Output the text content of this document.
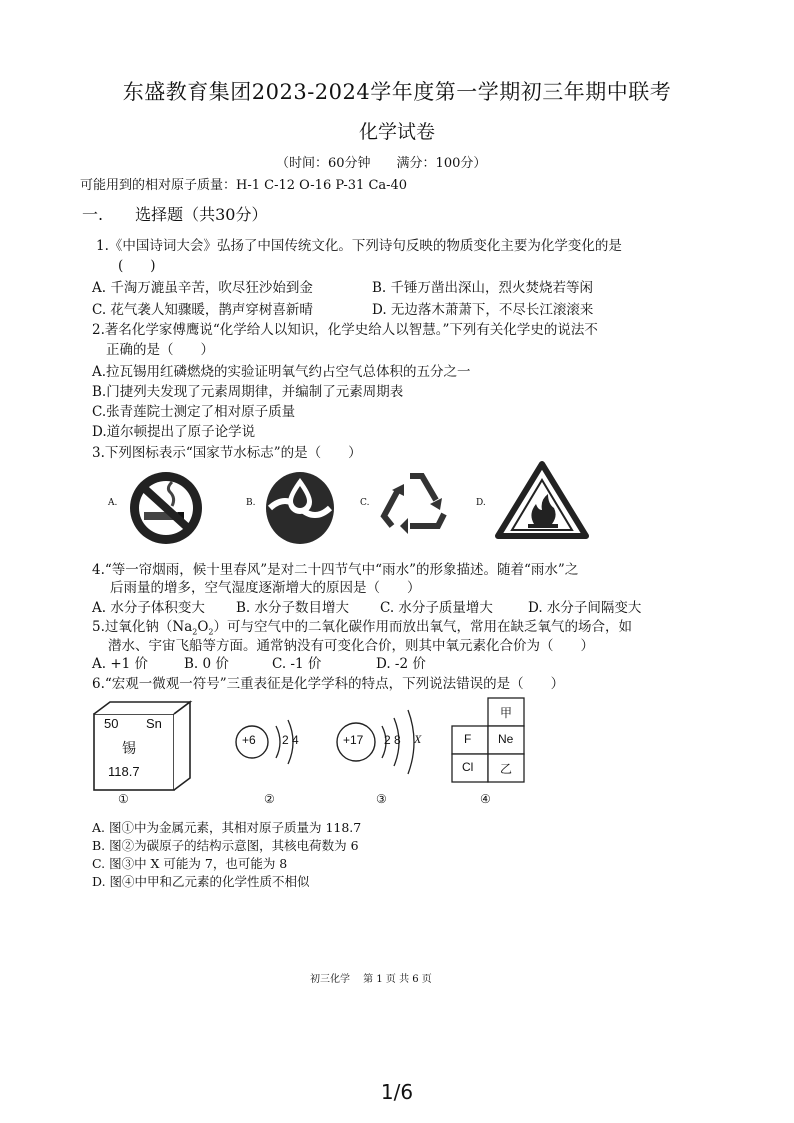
东盛教育集团2023-2024学年度第一学期初三年期中联考
化学试卷
（时间：60分钟　　满分：100分）
可能用到的相对原子质量：H-1 C-12 O-16 P-31 Ca-40
一.　　选择题（共30分）
1.《中国诗词大会》弘扬了中国传统文化。下列诗句反映的物质变化主要为化学变化的是
(　　)
A. 千淘万漉虽辛苦，吹尽狂沙始到金	B. 千锤万凿出深山，烈火焚烧若等闲
C. 花气袭人知骤暖，鹊声穿树喜新晴	D. 无边落木萧萧下，不尽长江滚滚来
2.著名化学家傅鹰说“化学给人以知识，化学史给人以智慧。”下列有关化学史的说法不
正确的是（　　）
A.拉瓦锡用红磷燃烧的实验证明氧气约占空气总体积的五分之一
B.门捷列夫发现了元素周期律，并编制了元素周期表
C.张青莲院士测定了相对原子质量
D.道尔顿提出了原子论学说
3.下列图标表示“国家节水标志”的是（　　）
A.	B.	C.	D.
4.“等一帘烟雨，候十里春风”是对二十四节气中“雨水”的形象描述。随着“雨水”之
后雨量的增多，空气湿度逐渐增大的原因是（　　）
A. 水分子体积变大 B. 水分子数目增大 C. 水分子质量增大	D. 水分子间隔变大
5.过氧化钠$(Na_2O_2)$可与空气中的二氧化碳作用而放出氧气，常用在缺乏氧气的场合，如
潜水、宇宙飞船等方面。通常钠没有可变化合价，则其中氧元素化合价为（　　）
A. +1 价	B. 0 价	C. -1 价	D. -2 价
6.“宏观一微观一符号”三重表征是化学学科的特点，下列说法错误的是（　　）
50 Sn
锡
118.7
①
+6 2 4
②
+17 2 8 X
③
甲
F Ne
Cl 乙
④
A. 图①中为金属元素，其相对原子质量为 118.7
B. 图②为碳原子的结构示意图，其核电荷数为 6
C. 图③中 X 可能为 7，也可能为 8
D. 图④中甲和乙元素的化学性质不相似
初三化学　 第 1 页 共 6 页
1/6
